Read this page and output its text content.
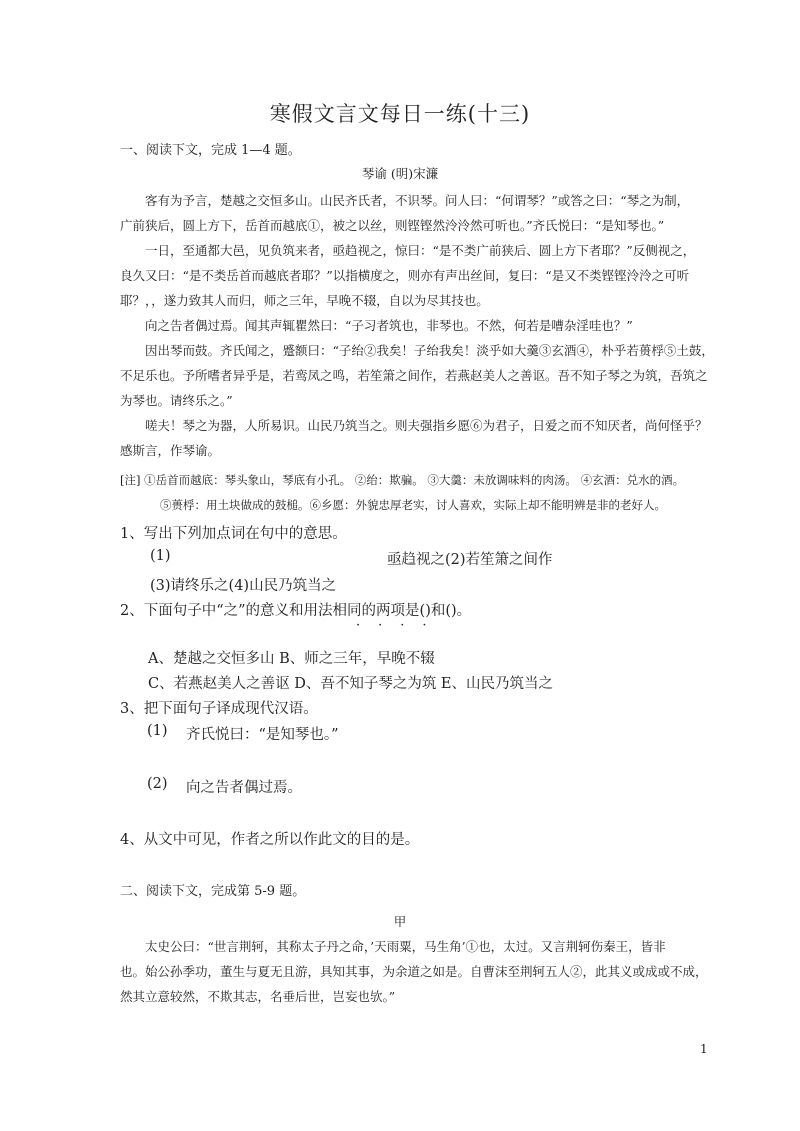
寒假文言文每日一练(十三)
一、阅读下文，完成 1—4 题。
琴谕 (明)宋濂
客有为予言，楚越之交恒多山。山民齐氏者，不识琴。问人曰：“何谓琴？”或答之曰：“琴之为制，
广前狭后，圆上方下，岳首而越底①，被之以丝，则铿铿然泠泠然可听也。”齐氏悦曰：“是知琴也。”
一日，至通都大邑，见负筑来者，亟趋视之，惊曰：“是不类广前狭后、圆上方下者耶？”反侧视之，
良久又曰：“是不类岳首而越底者耶？”以指横度之，则亦有声出丝间，复曰：“是又不类铿铿泠泠之可听
耶？，，遂力致其人而归，师之三年，早晚不辍，自以为尽其技也。
向之告者偶过焉。闻其声辄瞿然曰：“子习者筑也，非琴也。不然，何若是嘈杂淫哇也？”
因出琴而鼓。齐氏闻之，蹙额曰：“子绐②我矣！子绐我矣！淡乎如大羹③玄酒④，朴乎若蒉桴⑤土鼓，
不足乐也。予所嗜者异乎是，若鸾凤之鸣，若笙箫之间作，若燕赵美人之善讴。吾不知子琴之为筑，吾筑之
为琴也。请终乐之。”
嗟夫！琴之为器，人所易识。山民乃筑当之。则夫强指乡愿⑥为君子，日爱之而不知厌者，尚何怪乎？
感斯言，作琴谕。
[注] ①岳首而越底：琴头象山，琴底有小孔。 ②绐：欺骗。 ③大羹：未放调味料的肉汤。 ④玄酒：兑水的酒。
⑤蒉桴：用土块做成的鼓槌。⑥乡愿：外貌忠厚老实，讨人喜欢，实际上却不能明辨是非的老好人。
1、写出下列加点词在句中的意思。
(1)	亟趋视之(2)若笙箫之间作
(3)请终乐之(4)山民乃筑当之
2、下面句子中“之”的意义和用法相同的两项是()和()。
····
A、楚越之交恒多山 B、师之三年，早晚不辍
C、若燕赵美人之善讴 D、吾不知子琴之为筑 E、山民乃筑当之
3、把下面句子译成现代汉语。
(1) 齐氏悦曰：“是知琴也。”
(2) 向之告者偶过焉。
4、从文中可见，作者之所以作此文的目的是。
二、阅读下文，完成第 5-9 题。
甲
太史公曰：“世言荆轲，其称太子丹之命，’天雨粟，马生角’①也，太过。又言荆轲伤秦王，皆非
也。始公孙季功，董生与夏无且游，具知其事，为余道之如是。自曹沫至荆轲五人②，此其义或成或不成，
然其立意较然，不欺其志，名垂后世，岂妄也欤。”
1
